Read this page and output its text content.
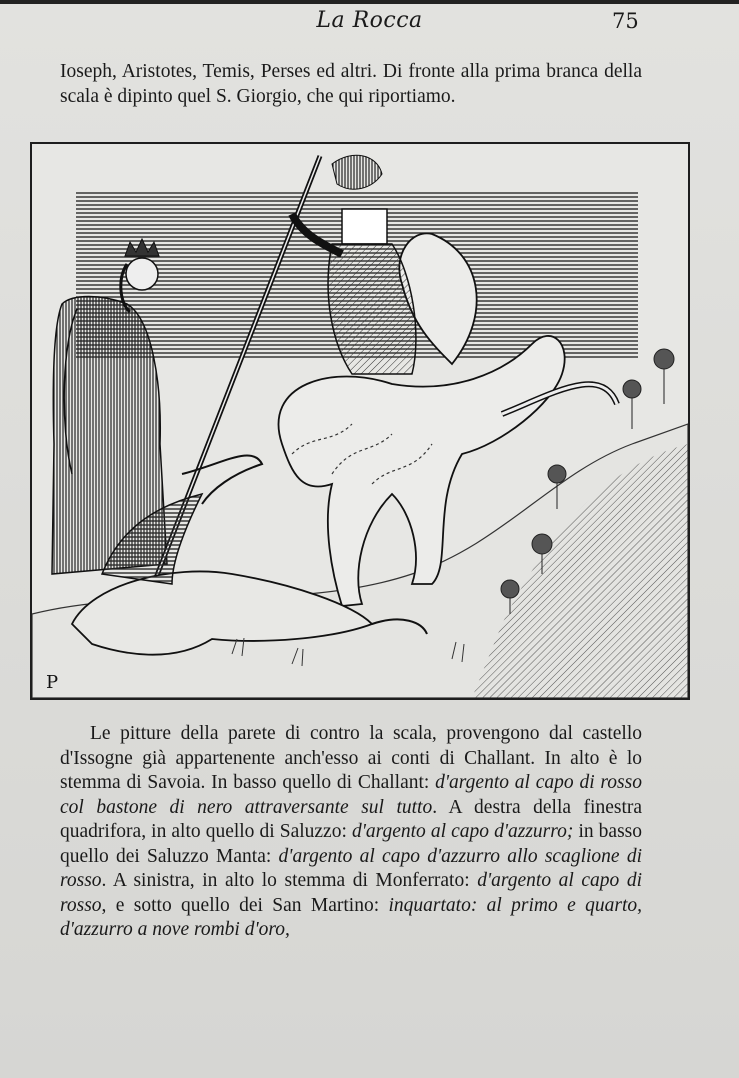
La Rocca	75

Ioseph, Aristotes, Temis, Perses ed altri. Di fronte alla prima branca della scala è dipinto quel S. Giorgio, che qui riportiamo.

P

Le pitture della parete di contro la scala, provengono dal castello d'Issogne già appartenente anch'esso ai conti di Challant. In alto è lo stemma di Savoia. In basso quello di Challant: d'argento al capo di rosso col bastone di nero attraversante sul tutto. A destra della finestra quadrifora, in alto quello di Saluzzo: d'argento al capo d'azzurro; in basso quello dei Saluzzo Manta: d'argento al capo d'azzurro allo scaglione di rosso. A sinistra, in alto lo stemma di Monferrato: d'argento al capo di rosso, e sotto quello dei San Martino: inquartato: al primo e quarto, d'azzurro a nove rombi d'oro,
